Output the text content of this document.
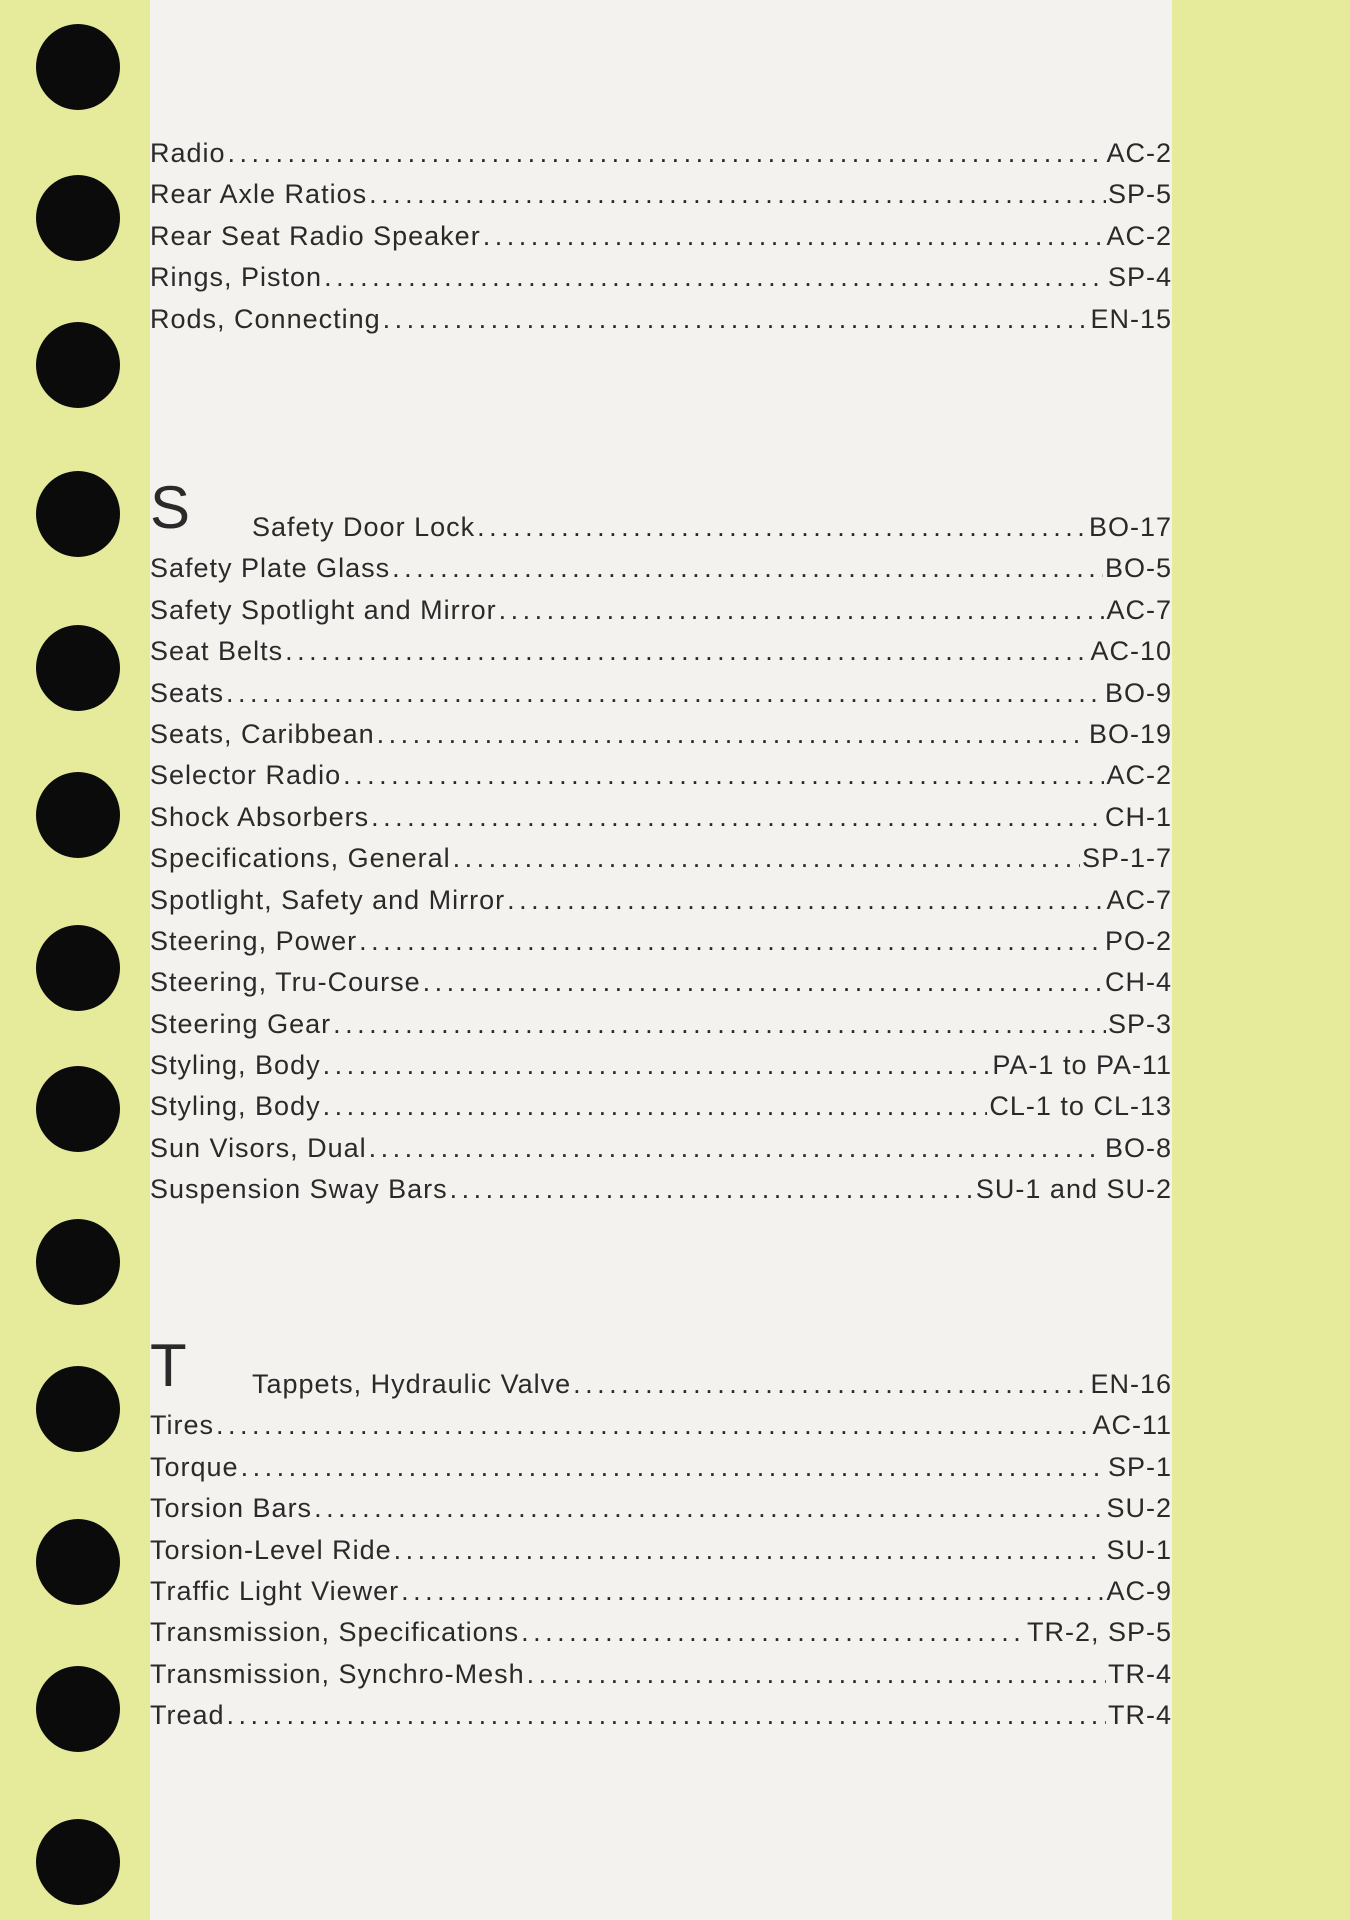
S
T
Radio . . .	AC-2
Rear Axle Ratios . . .	SP-5
Rear Seat Radio Speaker . . .	AC-2
Rings, Piston . . .	SP-4
Rods, Connecting . . .	EN-15
Safety Door Lock . . .	BO-17
Safety Plate Glass . . .	BO-5
Safety Spotlight and Mirror . . .	AC-7
Seat Belts . . .	AC-10
Seats . . .	BO-9
Seats, Caribbean . . .	BO-19
Selector Radio . . .	AC-2
Shock Absorbers . . .	CH-1
Specifications, General . . .	SP-1-7
Spotlight, Safety and Mirror . . .	AC-7
Steering, Power . . .	PO-2
Steering, Tru-Course . . .	CH-4
Steering Gear . . .	SP-3
Styling, Body . . .	PA-1 to PA-11
Styling, Body . . .	CL-1 to CL-13
Sun Visors, Dual . . .	BO-8
Suspension Sway Bars . . .	SU-1 and SU-2
Tappets, Hydraulic Valve . . .	EN-16
Tires . . .	AC-11
Torque . . .	SP-1
Torsion Bars . . .	SU-2
Torsion-Level Ride . . .	SU-1
Traffic Light Viewer . . .	AC-9
Transmission, Specifications . . .	TR-2, SP-5
Transmission, Synchro-Mesh . . .	TR-4
Tread . . .	TR-4
